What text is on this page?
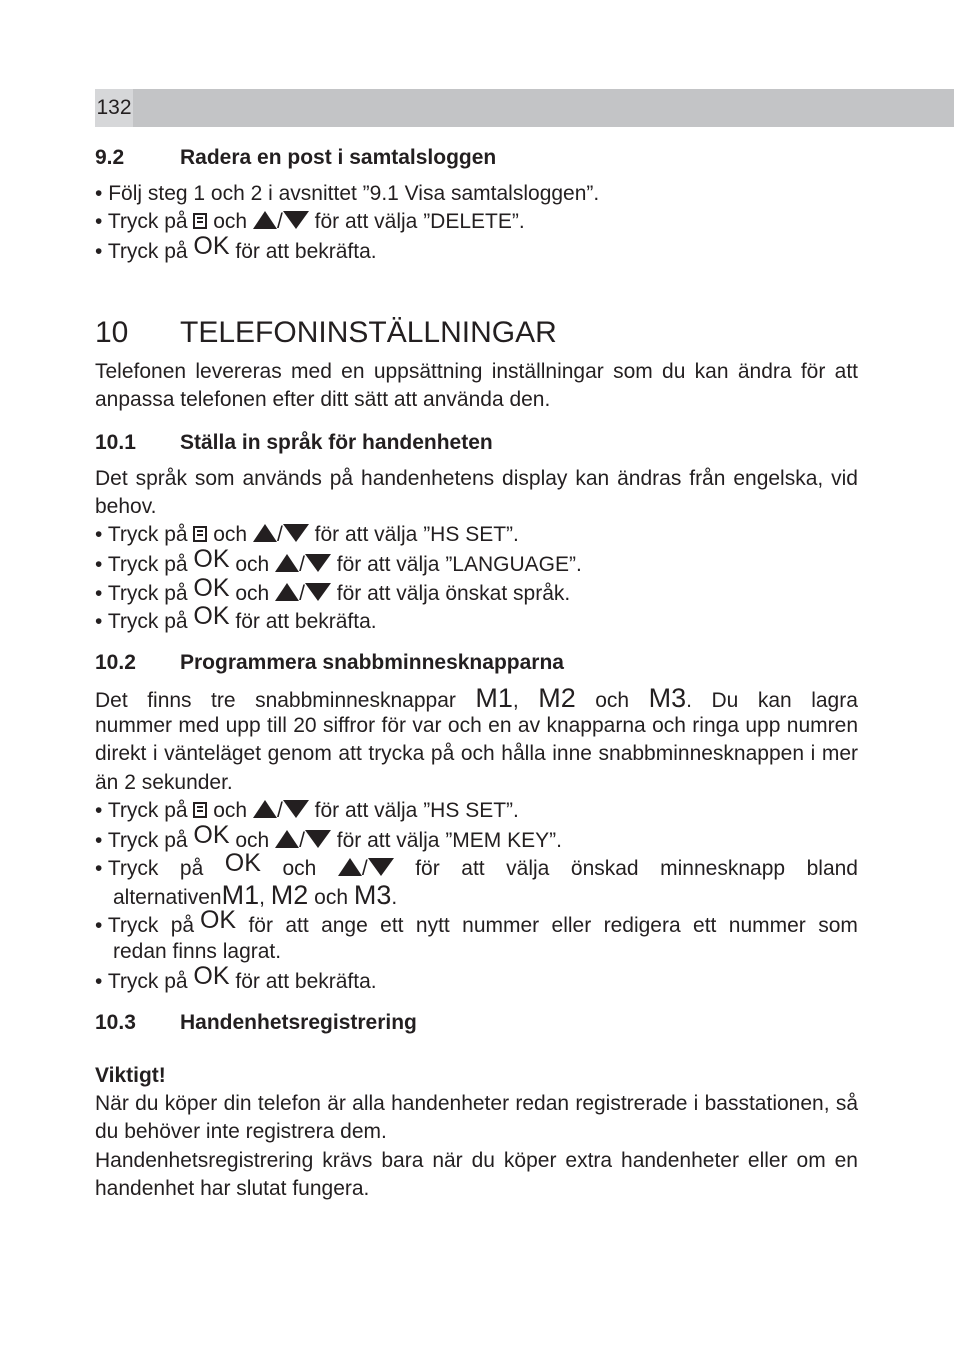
132
9.2	Radera en post i samtalsloggen
• Följ steg 1 och 2 i avsnittet ”9.1 Visa samtalsloggen”.
• Tryck på och / för att välja ”DELETE”.
• Tryck på OK för att bekräfta.
10 TELEFONINSTÄLLNINGAR
Telefonen levereras med en uppsättning inställningar som du kan ändra för att anpassa telefonen efter ditt sätt att använda den.
10.1 Ställa in språk för handenheten
Det språk som används på handenhetens display kan ändras från engelska, vid behov.
• Tryck på och / för att välja ”HS SET”.
• Tryck på OK och / för att välja ”LANGUAGE”.
• Tryck på OK och / för att välja önskat språk.
• Tryck på OK för att bekräfta.
10.2 Programmera snabbminnesknapparna
Det finns tre snabbminnesknappar M1, M2 och M3. Du kan lagra
nummer med upp till 20 siffror för var och en av knapparna och ringa upp numren direkt i vänteläget genom att trycka på och hålla inne snabbminnesknappen i mer än 2 sekunder.
• Tryck på och / för att välja ”HS SET”.
• Tryck på OK och / för att välja ”MEM KEY”.
• Tryck på OK och	/	för att välja önskad minnesknapp bland
alternativenM1, M2 och M3.
• Tryck på OK för att ange ett nytt nummer eller redigera ett nummer som
redan finns lagrat.
• Tryck på OK för att bekräfta.
10.3 Handenhetsregistrering
Viktigt!
När du köper din telefon är alla handenheter redan registrerade i basstationen, så du behöver inte registrera dem.
Handenhetsregistrering krävs bara när du köper extra handenheter eller om en handenhet har slutat fungera.
